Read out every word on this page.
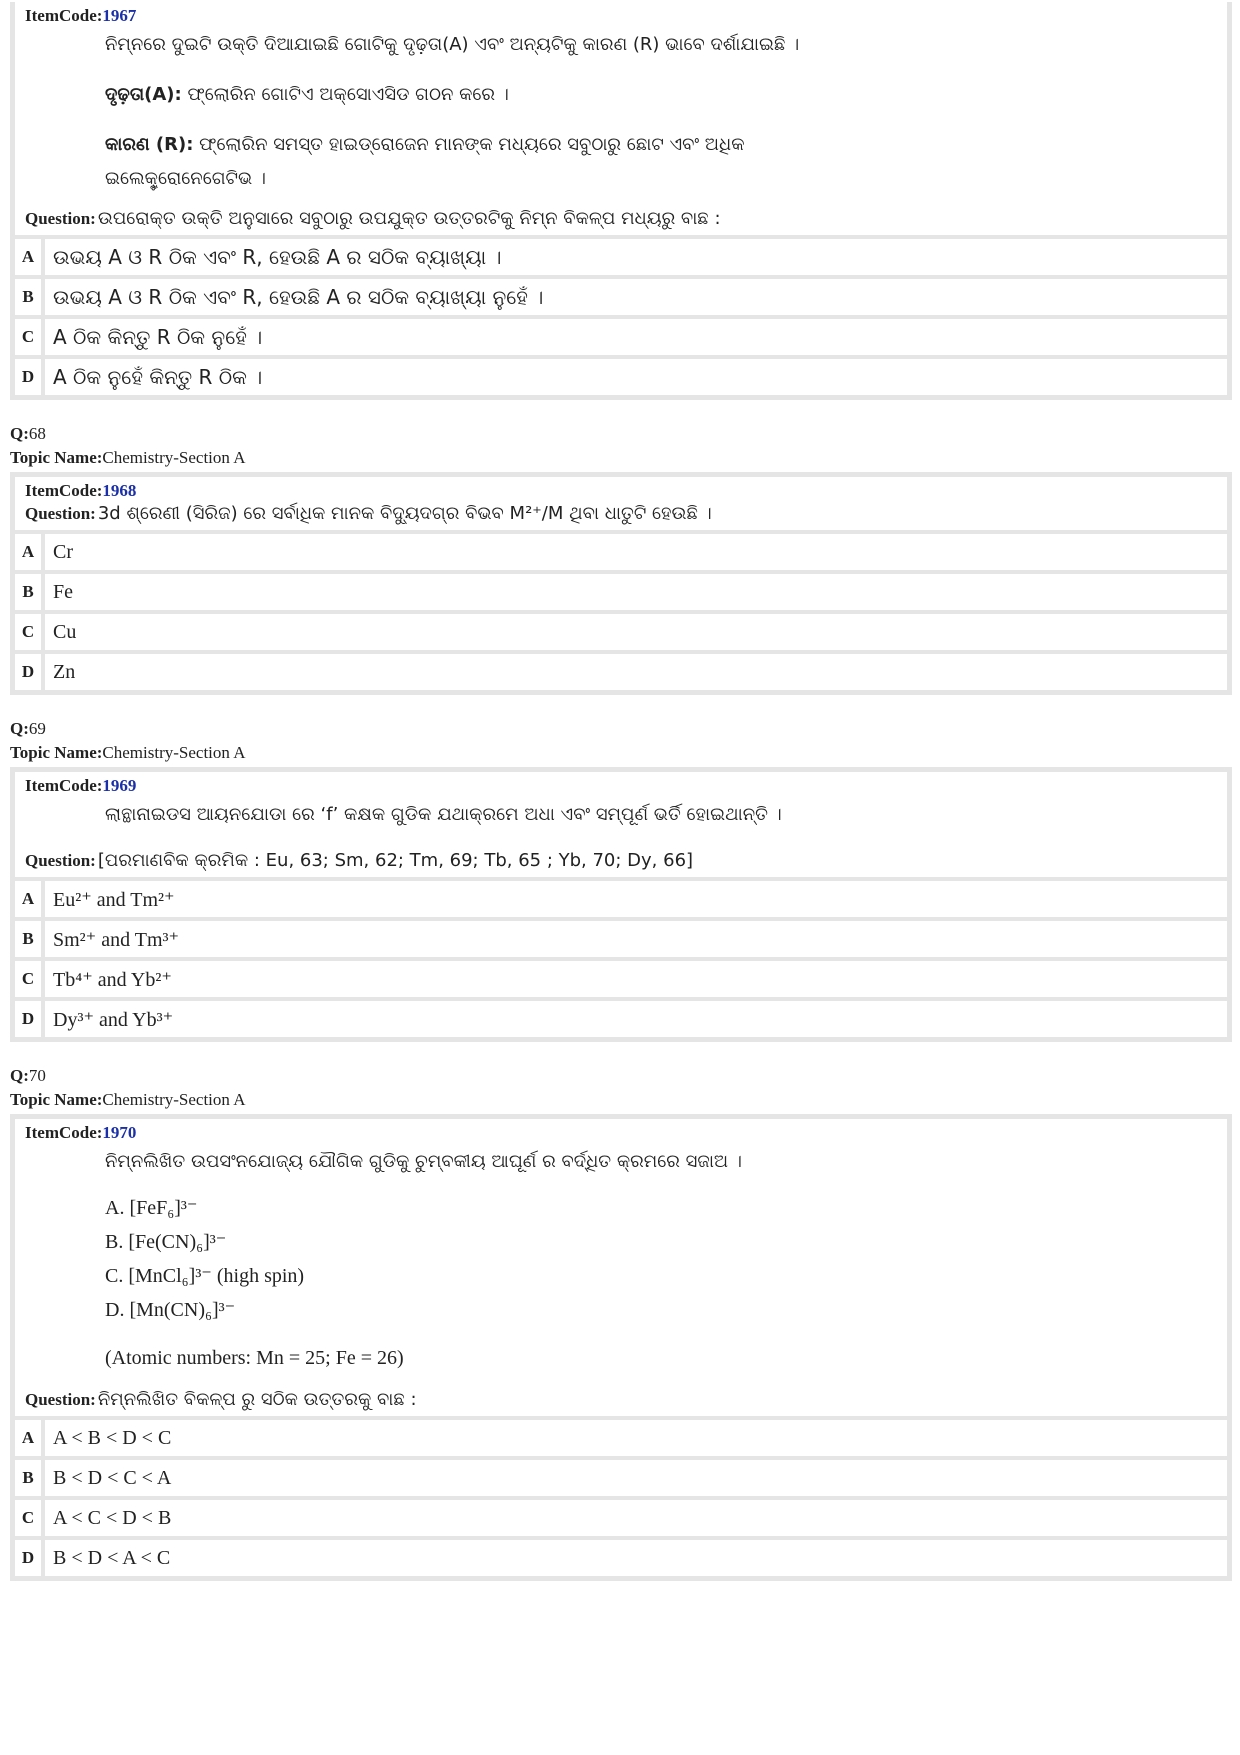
ItemCode:1967

ନିମ୍ନରେ ଦୁଇଟି ଉକ୍ତି ଦିଆଯାଇଛି ଗୋଟିକୁ ଦୃଢ଼ତା(A) ଏବଂ ଅନ୍ୟଟିକୁ କାରଣ (R) ଭାବେ ଦର୍ଶାଯାଇଛି ।

ଦୃଢ଼ତା(A): ଫ୍ଲୋରିନ ଗୋଟିଏ ଅକ୍ସୋଏସିଡ ଗଠନ କରେ ।

କାରଣ (R): ଫ୍ଲୋରିନ ସମସ୍ତ ହାଇଡ୍ରୋଜେନ ମାନଙ୍କ ମଧ୍ୟରେ ସବୁଠାରୁ ଛୋଟ ଏବଂ ଅଧିକ

ଇଲେକ୍ଟ୍ରୋନେଗେଟିଭ ।

Question: ଉପରୋକ୍ତ ଉକ୍ତି ଅନୁସାରେ ସବୁଠାରୁ ଉପଯୁକ୍ତ ଉତ୍ତରଟିକୁ ନିମ୍ନ ବିକଳ୍ପ ମଧ୍ୟରୁ ବାଛ :
A ଉଭୟ A ଓ R ଠିକ ଏବଂ R, ହେଉଛି A ର ସଠିକ ବ୍ୟାଖ୍ୟା ।
B ଉଭୟ A ଓ R ଠିକ ଏବଂ R, ହେଉଛି A ର ସଠିକ ବ୍ୟାଖ୍ୟା ନୁହେଁ ।
C A ଠିକ କିନ୍ତୁ R ଠିକ ନୁହେଁ ।
D A ଠିକ ନୁହେଁ କିନ୍ତୁ R ଠିକ ।
Q:68
Topic Name:Chemistry-Section A
ItemCode:1968
Question: 3d ଶ୍ରେଣୀ (ସିରିଜ) ରେ ସର୍ବାଧିକ ମାନକ ବିଦ୍ୟୁଦଗ୍ର ବିଭବ M²⁺/M ଥିବା ଧାତୁଟି ହେଉଛି ।
A Cr
B Fe
C Cu
D Zn
Q:69
Topic Name:Chemistry-Section A
ItemCode:1969
ଲାନ୍ଥାନାଇଡସ ଆୟନଯୋଡା ରେ ‘f’ କକ୍ଷକ ଗୁଡିକ ଯଥାକ୍ରମେ ଅଧା ଏବଂ ସମ୍ପୂର୍ଣ ଭର୍ତି ହୋଇଥାନ୍ତି ।
Question: [ପରମାଣବିକ କ୍ରମିକ : Eu, 63; Sm, 62; Tm, 69; Tb, 65 ; Yb, 70; Dy, 66]
A Eu²⁺ and Tm²⁺
B Sm²⁺ and Tm³⁺
C Tb⁴⁺ and Yb²⁺
D Dy³⁺ and Yb³⁺
Q:70
Topic Name:Chemistry-Section A
ItemCode:1970
ନିମ୍ନଲିଖିତ ଉପସଂନଯୋଜ୍ୟ ଯୌଗିକ ଗୁଡିକୁ ଚୁମ୍ବକୀୟ ଆଘୂର୍ଣ ର ବର୍ଦ୍ଧିତ କ୍ରମରେ ସଜାଅ ।
A. [FeF₆]³⁻
B. [Fe(CN)₆]³⁻
C. [MnCl₆]³⁻ (high spin)
D. [Mn(CN)₆]³⁻
(Atomic numbers: Mn = 25; Fe = 26)
Question: ନିମ୍ନଲିଖିତ ବିକଳ୍ପ ରୁ ସଠିକ ଉତ୍ତରକୁ ବାଛ :
A A < B < D < C
B B < D < C < A
C A < C < D < B
D B < D < A < C
